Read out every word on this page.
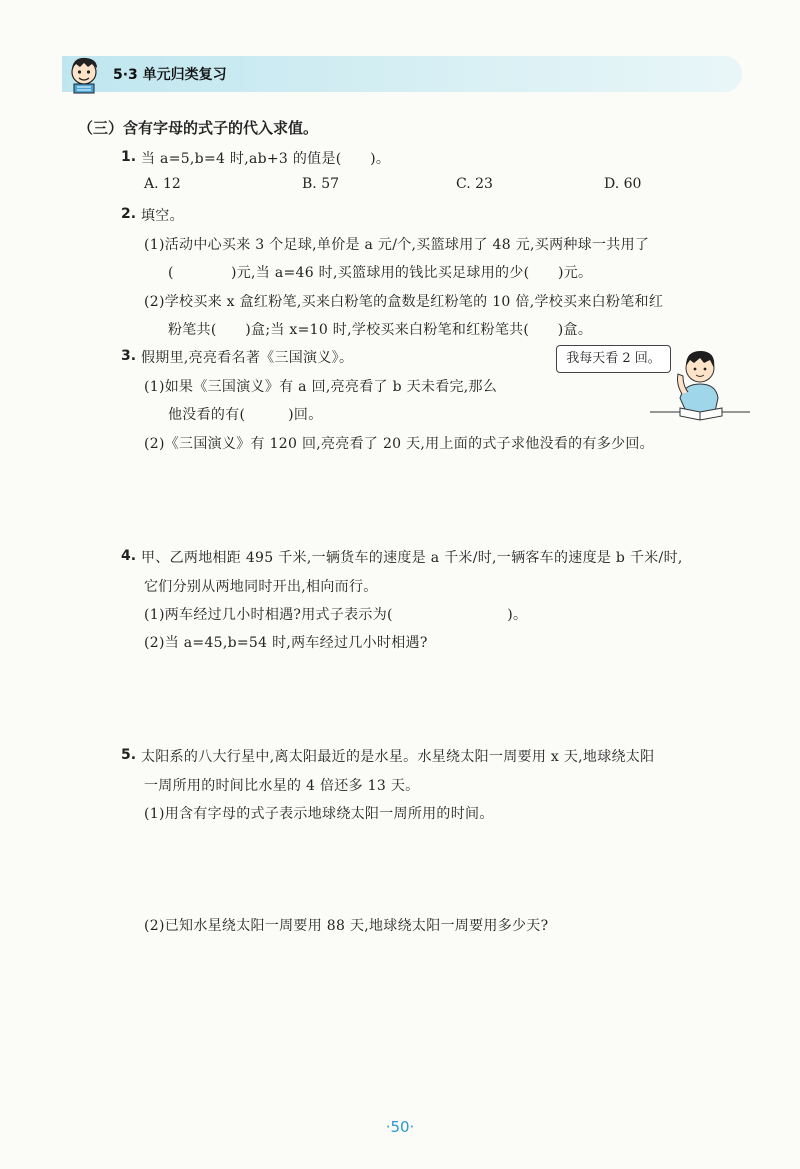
5·3 单元归类复习
（三）含有字母的式子的代入求值。
1. 当 a=5,b=4 时,ab+3 的值是(　　)。
A. 12	B. 57	C. 23	D. 60
2. 填空。
(1)活动中心买来 3 个足球,单价是 a 元/个,买篮球用了 48 元,买两种球一共用了
(　　　　)元,当 a=46 时,买篮球用的钱比买足球用的少(　　)元。
(2)学校买来 x 盒红粉笔,买来白粉笔的盒数是红粉笔的 10 倍,学校买来白粉笔和红
粉笔共(　　)盒;当 x=10 时,学校买来白粉笔和红粉笔共(　　)盒。
3. 假期里,亮亮看名著《三国演义》。	我每天看 2 回。
(1)如果《三国演义》有 a 回,亮亮看了 b 天未看完,那么
他没看的有(　　　)回。
(2)《三国演义》有 120 回,亮亮看了 20 天,用上面的式子求他没看的有多少回。
4. 甲、乙两地相距 495 千米,一辆货车的速度是 a 千米/时,一辆客车的速度是 b 千米/时,
它们分别从两地同时开出,相向而行。
(1)两车经过几小时相遇?用式子表示为(　　　　　　　　)。
(2)当 a=45,b=54 时,两车经过几小时相遇?
5. 太阳系的八大行星中,离太阳最近的是水星。水星绕太阳一周要用 x 天,地球绕太阳
一周所用的时间比水星的 4 倍还多 13 天。
(1)用含有字母的式子表示地球绕太阳一周所用的时间。
(2)已知水星绕太阳一周要用 88 天,地球绕太阳一周要用多少天?
·50·
